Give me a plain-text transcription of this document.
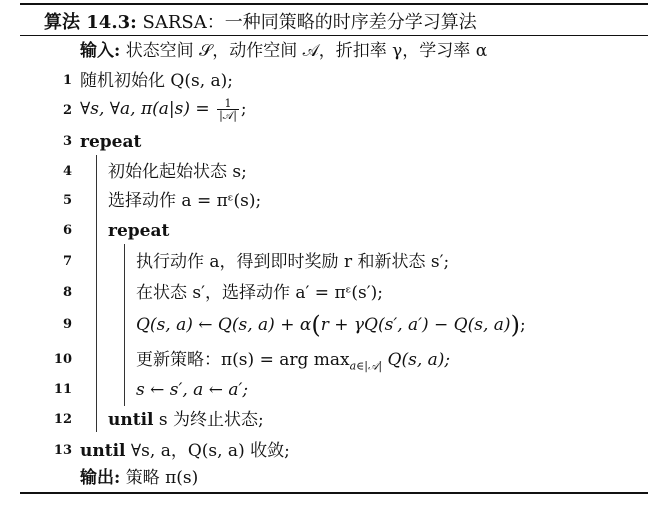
算法 14.3: SARSA：一种同策略的时序差分学习算法
输入: 状态空间 𝒮，动作空间 𝒜，折扣率 γ，学习率 α
1 随机初始化 Q(s, a);
2 ∀s, ∀a, $\pi(a|s) = \frac{1}{\text{|𝒜|}}$ ;
3 repeat
4 初始化起始状态 s;
5 选择动作 a = πᵋ(s);
6 repeat
7	执行动作 a，得到即时奖励 r 和新状态 s′;
8	在状态 s′，选择动作 a′ = πᵋ(s′);
9	Q(s, a) ← Q(s, a) + α(r + γQ(s′, a′) − Q(s, a));
10	更新策略：π(s) = arg $\max_{a\in|𝒜|} Q(s$, a);
11	s ← s′, a ← a′;
12 until s 为终止状态;
13 until ∀s, a，Q(s, a) 收敛;
输出: 策略 π(s)
